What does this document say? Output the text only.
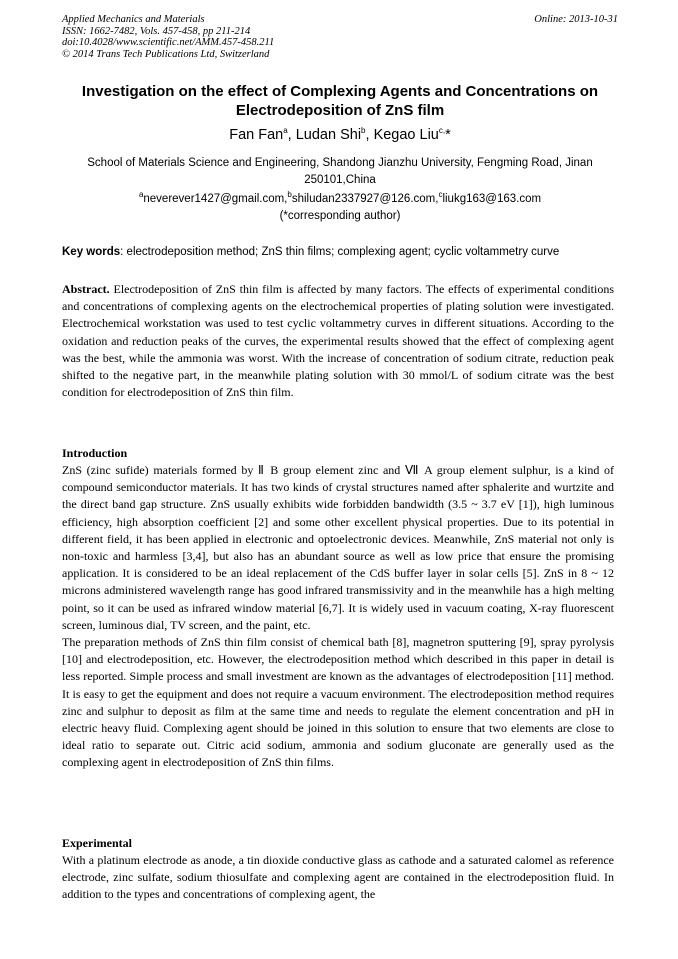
Applied Mechanics and Materials
ISSN: 1662-7482, Vols. 457-458, pp 211-214
doi:10.4028/www.scientific.net/AMM.457-458.211
© 2014 Trans Tech Publications Ltd, Switzerland
Online: 2013-10-31
Investigation on the effect of Complexing Agents and Concentrations on Electrodeposition of ZnS film
Fan Fan$^a$, Ludan Shi$^b$, Kegao Liu$^{c,}$*
School of Materials Science and Engineering, Shandong Jianzhu University, Fengming Road, Jinan 250101,China
$^a$neverever1427@gmail.com,$^b$shiludan2337927@126.com,$^c$liukg163@163.com
(*corresponding author)
Key words: electrodeposition method; ZnS thin films; complexing agent; cyclic voltammetry curve
Abstract. Electrodeposition of ZnS thin film is affected by many factors. The effects of experimental conditions and concentrations of complexing agents on the electrochemical properties of plating solution were investigated. Electrochemical workstation was used to test cyclic voltammetry curves in different situations. According to the oxidation and reduction peaks of the curves, the experimental results showed that the effect of complexing agent was the best, while the ammonia was worst. With the increase of concentration of sodium citrate, reduction peak shifted to the negative part, in the meanwhile plating solution with 30 mmol/L of sodium citrate was the best condition for electrodeposition of ZnS thin film.
Introduction

ZnS (zinc sufide) materials formed by Ⅱ B group element zinc and Ⅶ A group element sulphur, is a kind of compound semiconductor materials. It has two kinds of crystal structures named after sphalerite and wurtzite and the direct band gap structure. ZnS usually exhibits wide forbidden bandwidth (3.5 ~ 3.7 eV [1]), high luminous efficiency, high absorption coefficient [2] and some other excellent physical properties. Due to its potential in different field, it has been applied in electronic and optoelectronic devices. Meanwhile, ZnS material not only is non-toxic and harmless [3,4], but also has an abundant source as well as low price that ensure the promising application. It is considered to be an ideal replacement of the CdS buffer layer in solar cells [5]. ZnS in 8 ~ 12 microns administered wavelength range has good infrared transmissivity and in the meanwhile has a high melting point, so it can be used as infrared window material [6,7]. It is widely used in vacuum coating, X-ray fluorescent screen, luminous dial, TV screen, and the paint, etc.

The preparation methods of ZnS thin film consist of chemical bath [8], magnetron sputtering [9], spray pyrolysis [10] and electrodeposition, etc. However, the electrodeposition method which described in this paper in detail is less reported. Simple process and small investment are known as the advantages of electrodeposition [11] method. It is easy to get the equipment and does not require a vacuum environment. The electrodeposition method requires zinc and sulphur to deposit as film at the same time and needs to regulate the element concentration and pH in electric heavy fluid. Complexing agent should be joined in this solution to ensure that two elements are close to ideal ratio to separate out. Citric acid sodium, ammonia and sodium gluconate are generally used as the complexing agent in electrodeposition of ZnS thin films.

Experimental
With a platinum electrode as anode, a tin dioxide conductive glass as cathode and a saturated calomel as reference electrode, zinc sulfate, sodium thiosulfate and complexing agent are contained in the electrodeposition fluid. In addition to the types and concentrations of complexing agent, the
